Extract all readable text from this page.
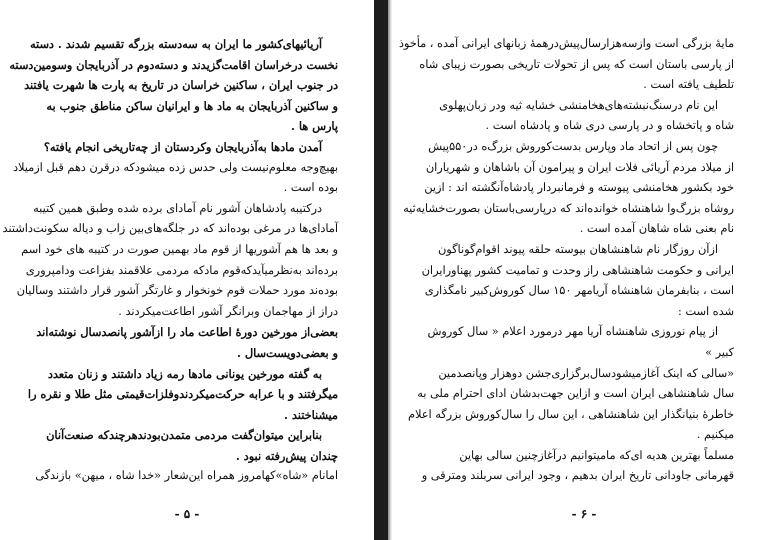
آریائیهای‌کشور ما ایران به سه‌دسته بزرگه تقسیم شدند . دسته
نخست درخراسان اقامت‌گزیدند و دسته‌دوم در آذربایجان وسومین‌دسته
در جنوب ایران ، ساکنین خراسان در تاریخ به پارت ها شهرت یافتند
و ساکنین آذربایجان به ماد ها و ایرانیان ساکن مناطق جنوب به
پارس ها .
آمدن مادها به‌آذربایجان وکردستان از چه‌تاریخی انجام یافته؟
بهیچ‌وجه معلوم‌نیست ولی حدس زده میشودکه درقرن دهم قبل ازمیلاد
بوده است .
درکتیبه پادشاهان آشور نام آمادای برده شده وطبق همین کتیبه
آمادای‌ها در مرغی بوده‌اند که در جلگه‌های‌بین زاب و دیاله سکونت‌داشتند
و بعد ها هم آشوریها از قوم ماد بهمین صورت در کتیبه های خود اسم
برده‌اند به‌نظرمیآیدکه‌قوم مادکه مردمی علاقمند بفزاعت ودامپروری
بوده‌ند مورد حملات قوم خونخوار و غارتگر آشور قرار داشتند وسالیان
دراز از مهاجمان وبرانگر آشور اطاعت‌میکردند .
بعضی‌از مورخین دورهٔ اطاعت ماد را ازآشور پانصدسال نوشته‌اند
و بعضی‌دویست‌سال .
به گفته مورخین یونانی مادها رمه زیاد داشتند و زنان متعدد
میگرفتند و با عرابه حرکت‌میکردندوفلزات‌قیمتی مثل طلا و نقره را
میشناختند .
بنابراین میتوان‌گفت مردمی متمدن‌بودندهرچندکه صنعت‌آنان
چندان پیش‌رفته نبود .
امانام «شاه»کهامروز همراه این‌شعار «خدا شاه ، میهن» بازندگی
مایهٔ بزرگی است وازسه‌هزارسال‌پیش‌درهمهٔ زبانهای ایرانی آمده ، مأخوذ
از پارسی باستان است که پس از تحولات تاریخی بصورت زیبای شاه
تلطیف یافته است .
این نام درسنگ‌نبشته‌های‌هخامنشی خشایه ثیه ودر زبان‌پهلوی
شاه و پاتخشاه و در پارسی دری شاه و پادشاه است .
چون پس از اتحاد ماد وپارس بدست‌کوروش بزرگ‌ه در۵۵۰پیش
از میلاد مردم آریائی فلات ایران و پیرامون آن باشاهان و شهریاران
خود بکشور هخامنشی پیوسته و فرمانبردار پادشاه‌آنگشته اند : ازین
روشاه بزرگ‌وا شاهنشاه خوانده‌اند که درپارسی‌باستان بصورت‌خشایه‌ثیه
نام بعنی شاه شاهان آمده است .
ازآن روزگار نام شاهنشاهان بیوسته حلقه پیوند اقوام‌گوناگون
ایرانی و حکومت شاهنشاهی راز وحدت و تمامیت کشور پهناورایران
است ، بنابفرمان شاهنشاه آریامهر ۱۵۰ سال کوروش‌کبیر نامگذاری
شده است :
از پیام نوروزی شاهنشاه آریا مهر درمورد اعلام « سال کوروش
کبیر »
«سالی که اینک آغازمیشودسال‌برگزاری‌جشن دوهزار وپانصدمین
سال شاهنشاهی ایران است و ازاین جهت‌بدشان ادای احترام ملی به
خاطرهٔ بنیانگذار این شاهنشاهی ، این سال را سال‌کوروش بزرگه اعلام
میکنیم .
مسلماً بهترین هدیه ای‌که مامیتوانیم درآغازچنین سالی بهاین
قهرمانی جاودانی تاریخ ایران بدهیم ، وجود ایرانی سربلند ومترقی و
- ۵ -	- ۶ -
